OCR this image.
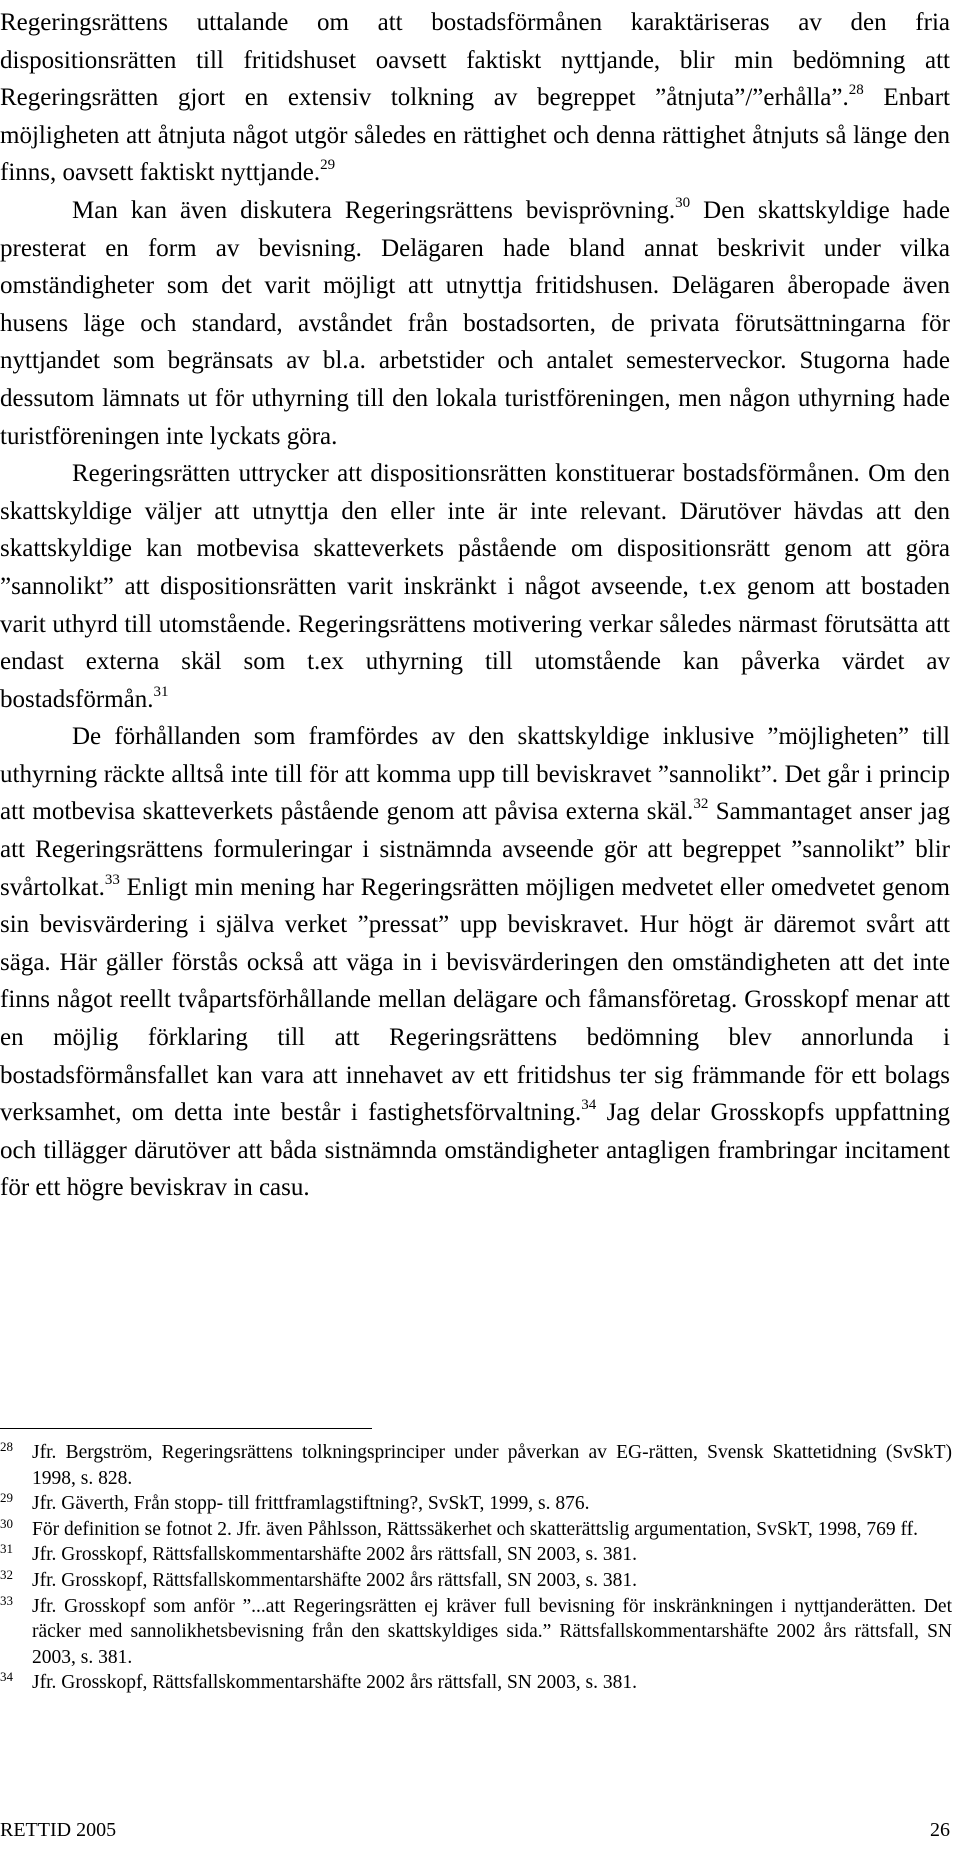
Regeringsrättens uttalande om att bostadsförmånen karaktäriseras av den fria dispositionsrätten till fritidshuset oavsett faktiskt nyttjande, blir min bedömning att Regeringsrätten gjort en extensiv tolkning av begreppet ”åtnjuta”/”erhålla”.$^{28}$ Enbart möjligheten att åtnjuta något utgör således en rättighet och denna rättighet åtnjuts så länge den finns, oavsett faktiskt nyttjande.$^{29}$

Man kan även diskutera Regeringsrättens bevisprövning.$^{30}$ Den skattskyldige hade presterat en form av bevisning. Delägaren hade bland annat beskrivit under vilka omständigheter som det varit möjligt att utnyttja fritidshusen. Delägaren åberopade även husens läge och standard, avståndet från bostadsorten, de privata förutsättningarna för nyttjandet som begränsats av bl.a. arbetstider och antalet semesterveckor. Stugorna hade dessutom lämnats ut för uthyrning till den lokala turistföreningen, men någon uthyrning hade turistföreningen inte lyckats göra.

Regeringsrätten uttrycker att dispositionsrätten konstituerar bostadsförmånen. Om den skattskyldige väljer att utnyttja den eller inte är inte relevant. Därutöver hävdas att den skattskyldige kan motbevisa skatteverkets påstående om dispositionsrätt genom att göra ”sannolikt” att dispositionsrätten varit inskränkt i något avseende, t.ex genom att bostaden varit uthyrd till utomstående. Regeringsrättens motivering verkar således närmast förutsätta att endast externa skäl som t.ex uthyrning till utomstående kan påverka värdet av bostadsförmån.$^{31}$

De förhållanden som framfördes av den skattskyldige inklusive ”möjligheten” till uthyrning räckte alltså inte till för att komma upp till beviskravet ”sannolikt”. Det går i princip att motbevisa skatteverkets påstående genom att påvisa externa skäl.$^{32}$ Sammantaget anser jag att Regeringsrättens formuleringar i sistnämnda avseende gör att begreppet ”sannolikt” blir svårtolkat.$^{33}$ Enligt min mening har Regeringsrätten möjligen medvetet eller omedvetet genom sin bevisvärdering i själva verket ”pressat” upp beviskravet. Hur högt är däremot svårt att säga. Här gäller förstås också att väga in i bevisvärderingen den omständigheten att det inte finns något reellt tvåpartsförhållande mellan delägare och fåmansföretag. Grosskopf menar att en möjlig förklaring till att Regeringsrättens bedömning blev annorlunda i bostadsförmånsfallet kan vara att innehavet av ett fritidshus ter sig främmande för ett bolags verksamhet, om detta inte består i fastighetsförvaltning.$^{34}$ Jag delar Grosskopfs uppfattning och tillägger därutöver att båda sistnämnda omständigheter antagligen frambringar incitament för ett högre beviskrav in casu.

28 Jfr. Bergström, Regeringsrättens tolkningsprinciper under påverkan av EG-rätten, Svensk Skattetidning (SvSkT) 1998, s. 828.
29 Jfr. Gäverth, Från stopp- till frittframlagstiftning?, SvSkT, 1999, s. 876.
30 För definition se fotnot 2. Jfr. även Påhlsson, Rättssäkerhet och skatterättslig argumentation, SvSkT, 1998, 769 ff.
31 Jfr. Grosskopf, Rättsfallskommentarshäfte 2002 års rättsfall, SN 2003, s. 381.
32 Jfr. Grosskopf, Rättsfallskommentarshäfte 2002 års rättsfall, SN 2003, s. 381.
33 Jfr. Grosskopf som anför ”...att Regeringsrätten ej kräver full bevisning för inskränkningen i nyttjanderätten. Det räcker med sannolikhetsbevisning från den skattskyldiges sida.” Rättsfallskommentarshäfte 2002 års rättsfall, SN 2003, s. 381.
34 Jfr. Grosskopf, Rättsfallskommentarshäfte 2002 års rättsfall, SN 2003, s. 381.
RETTID 2005	26
